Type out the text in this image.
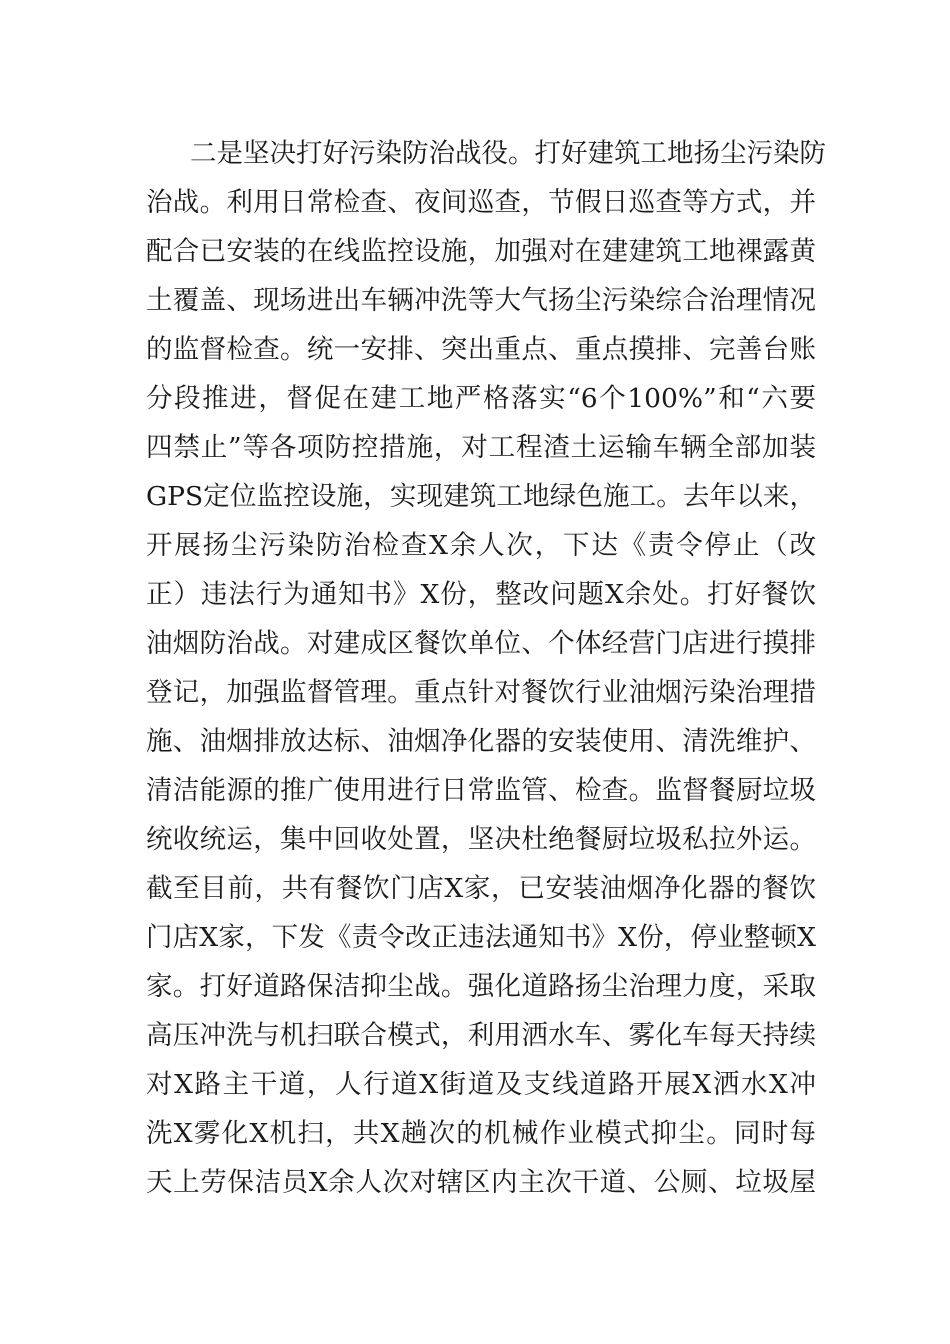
二是坚决打好污染防治战役。打好建筑工地扬尘污染防
治战。利用日常检查、夜间巡查，节假日巡查等方式，并
配合已安装的在线监控设施，加强对在建建筑工地裸露黄
土覆盖、现场进出车辆冲洗等大气扬尘污染综合治理情况
的监督检查。统一安排、突出重点、重点摸排、完善台账
分段推进，督促在建工地严格落实“6个100%”和“六要
四禁止”等各项防控措施，对工程渣土运输车辆全部加装
GPS定位监控设施，实现建筑工地绿色施工。去年以来，
开展扬尘污染防治检查X余人次，下达《责令停止（改
正）违法行为通知书》X份，整改问题X余处。打好餐饮
油烟防治战。对建成区餐饮单位、个体经营门店进行摸排
登记，加强监督管理。重点针对餐饮行业油烟污染治理措
施、油烟排放达标、油烟净化器的安装使用、清洗维护、
清洁能源的推广使用进行日常监管、检查。监督餐厨垃圾
统收统运，集中回收处置，坚决杜绝餐厨垃圾私拉外运。
截至目前，共有餐饮门店X家，已安装油烟净化器的餐饮
门店X家，下发《责令改正违法通知书》X份，停业整顿X
家。打好道路保洁抑尘战。强化道路扬尘治理力度，采取
高压冲洗与机扫联合模式，利用洒水车、雾化车每天持续
对X路主干道，人行道X街道及支线道路开展X洒水X冲
洗X雾化X机扫，共X趟次的机械作业模式抑尘。同时每
天上劳保洁员X余人次对辖区内主次干道、公厕、垃圾屋
